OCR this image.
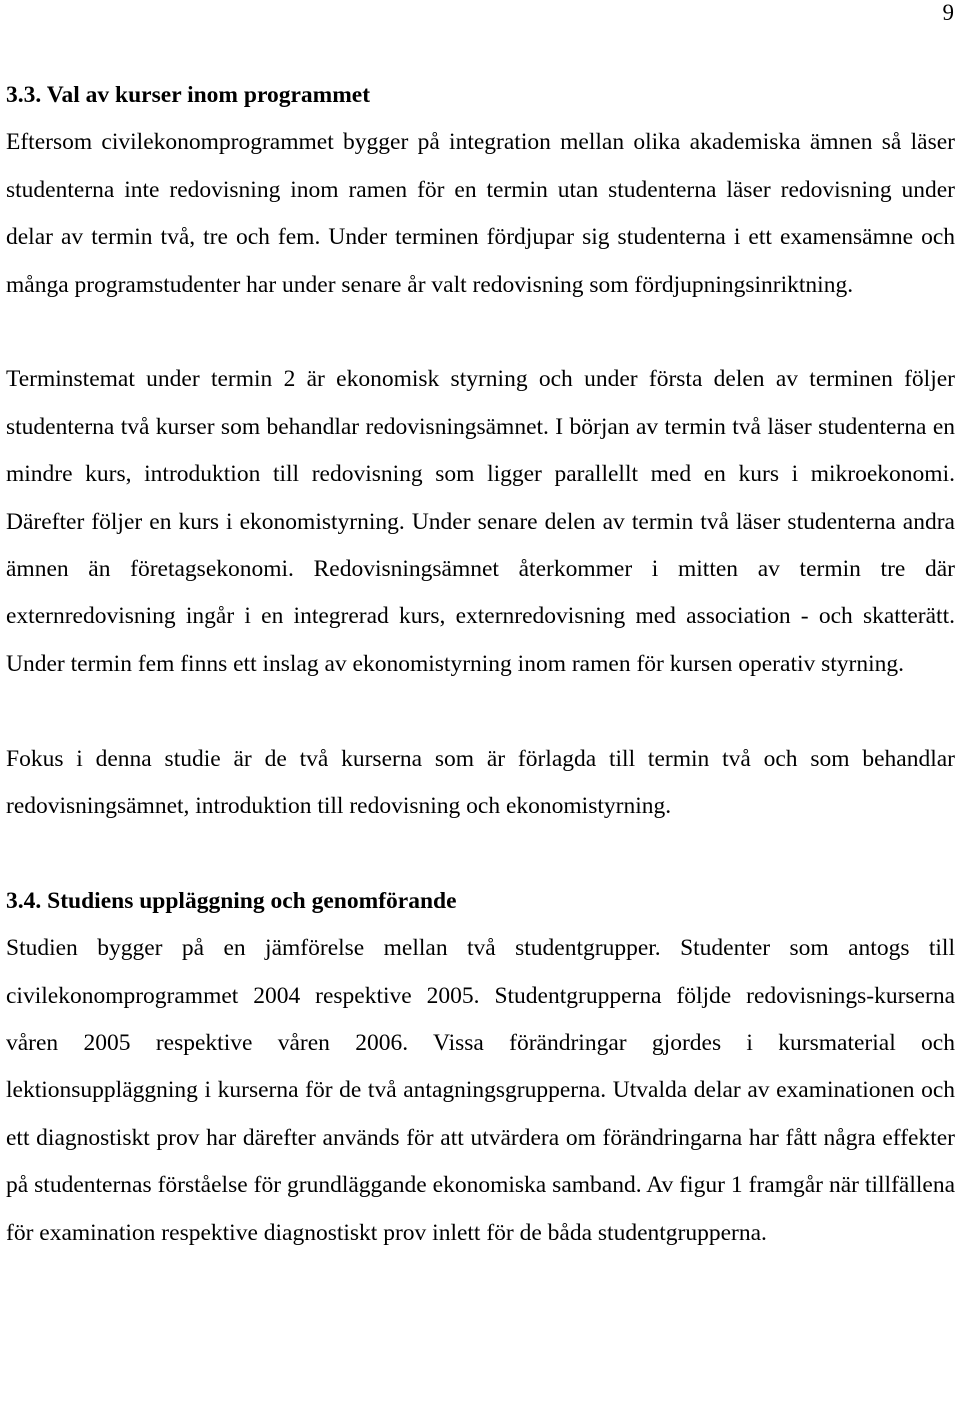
9
3.3. Val av kurser inom programmet

Eftersom civilekonomprogrammet bygger på integration mellan olika akademiska ämnen så läser studenterna inte redovisning inom ramen för en termin utan studenterna läser redovisning under delar av termin två, tre och fem. Under terminen fördjupar sig studenterna i ett examensämne och många programstudenter har under senare år valt redovisning som fördjupningsinriktning.

Terminstemat under termin 2 är ekonomisk styrning och under första delen av terminen följer studenterna två kurser som behandlar redovisningsämnet. I början av termin två läser studenterna en mindre kurs, introduktion till redovisning som ligger parallellt med en kurs i mikroekonomi. Därefter följer en kurs i ekonomistyrning. Under senare delen av termin två läser studenterna andra ämnen än företagsekonomi. Redovisningsämnet återkommer i mitten av termin tre där externredovisning ingår i en integrerad kurs, externredovisning med association - och skatterätt. Under termin fem finns ett inslag av ekonomistyrning inom ramen för kursen operativ styrning.

Fokus i denna studie är de två kurserna som är förlagda till termin två och som behandlar redovisningsämnet, introduktion till redovisning och ekonomistyrning.

3.4. Studiens uppläggning och genomförande

Studien bygger på en jämförelse mellan två studentgrupper. Studenter som antogs till civilekonomprogrammet 2004 respektive 2005. Studentgrupperna följde redovisnings-kurserna våren 2005 respektive våren 2006. Vissa förändringar gjordes i kursmaterial och lektionsuppläggning i kurserna för de två antagningsgrupperna. Utvalda delar av examinationen och ett diagnostiskt prov har därefter används för att utvärdera om förändringarna har fått några effekter på studenternas förståelse för grundläggande ekonomiska samband. Av figur 1 framgår när tillfällena för examination respektive diagnostiskt prov inlett för de båda studentgrupperna.
